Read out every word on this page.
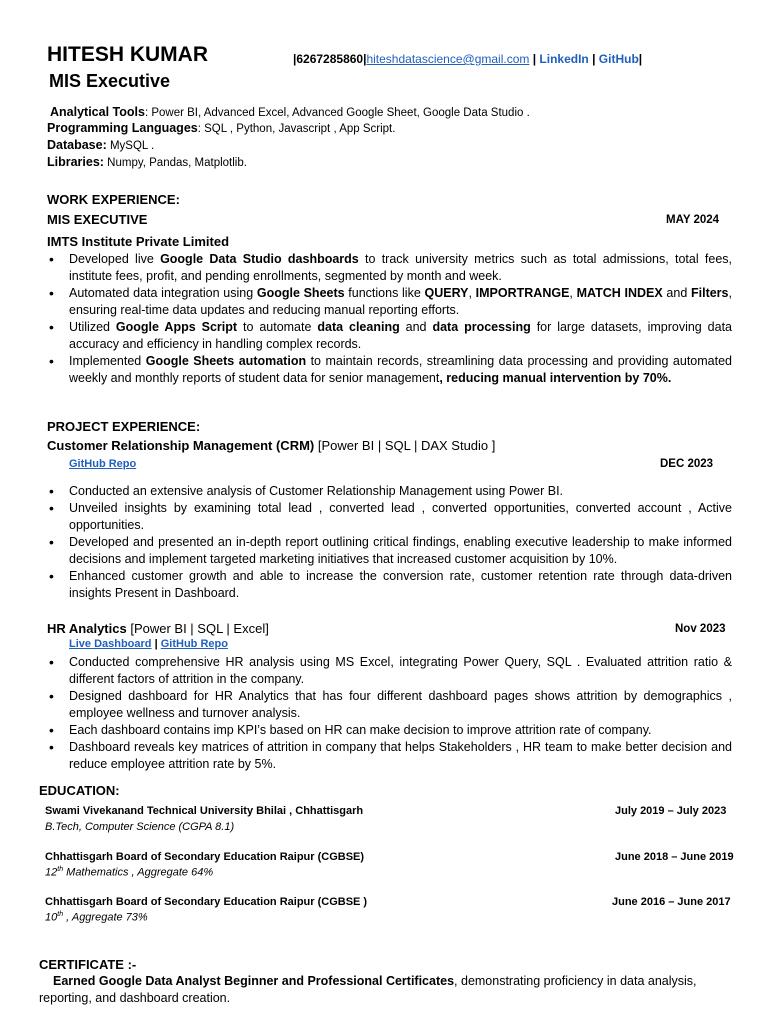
HITESH KUMAR
MIS Executive
|6267285860|hiteshdatascience@gmail.com | LinkedIn | GitHub|
Analytical Tools: Power BI, Advanced Excel, Advanced Google Sheet, Google Data Studio .
Programming Languages: SQL , Python, Javascript , App Script.
Database: MySQL .
Libraries: Numpy, Pandas, Matplotlib.
WORK EXPERIENCE:
MIS EXECUTIVE	MAY 2024
IMTS Institute Private Limited
• Developed live Google Data Studio dashboards to track university metrics such as total admissions, total fees, institute fees, profit, and pending enrollments, segmented by month and week.
• Automated data integration using Google Sheets functions like QUERY, IMPORTRANGE, MATCH INDEX and Filters, ensuring real-time data updates and reducing manual reporting efforts.
• Utilized Google Apps Script to automate data cleaning and data processing for large datasets, improving data accuracy and efficiency in handling complex records.
• Implemented Google Sheets automation to maintain records, streamlining data processing and providing automated weekly and monthly reports of student data for senior management, reducing manual intervention by 70%.
PROJECT EXPERIENCE:
Customer Relationship Management (CRM) [Power BI | SQL | DAX Studio ]
GitHub Repo	DEC 2023
• Conducted an extensive analysis of Customer Relationship Management using Power BI.
• Unveiled insights by examining total lead , converted lead , converted opportunities, converted account , Active opportunities.
• Developed and presented an in-depth report outlining critical findings, enabling executive leadership to make informed decisions and implement targeted marketing initiatives that increased customer acquisition by 10%.
• Enhanced customer growth and able to increase the conversion rate, customer retention rate through data-driven insights Present in Dashboard.
HR Analytics [Power BI | SQL | Excel]	Nov 2023
Live Dashboard | GitHub Repo
• Conducted comprehensive HR analysis using MS Excel, integrating Power Query, SQL . Evaluated attrition ratio & different factors of attrition in the company.
• Designed dashboard for HR Analytics that has four different dashboard pages shows attrition by demographics , employee wellness and turnover analysis.
• Each dashboard contains imp KPI’s based on HR can make decision to improve attrition rate of company.
• Dashboard reveals key matrices of attrition in company that helps Stakeholders , HR team to make better decision and reduce employee attrition rate by 5%.
EDUCATION:
Swami Vivekanand Technical University Bhilai , Chhattisgarh	July 2019 – July 2023
B.Tech, Computer Science (CGPA 8.1)
Chhattisgarh Board of Secondary Education Raipur (CGBSE)	June 2018 – June 2019
12th Mathematics , Aggregate 64%
Chhattisgarh Board of Secondary Education Raipur (CGBSE )	June 2016 – June 2017
10th , Aggregate 73%
CERTIFICATE :-
Earned Google Data Analyst Beginner and Professional Certificates, demonstrating proficiency in data analysis,
reporting, and dashboard creation.
